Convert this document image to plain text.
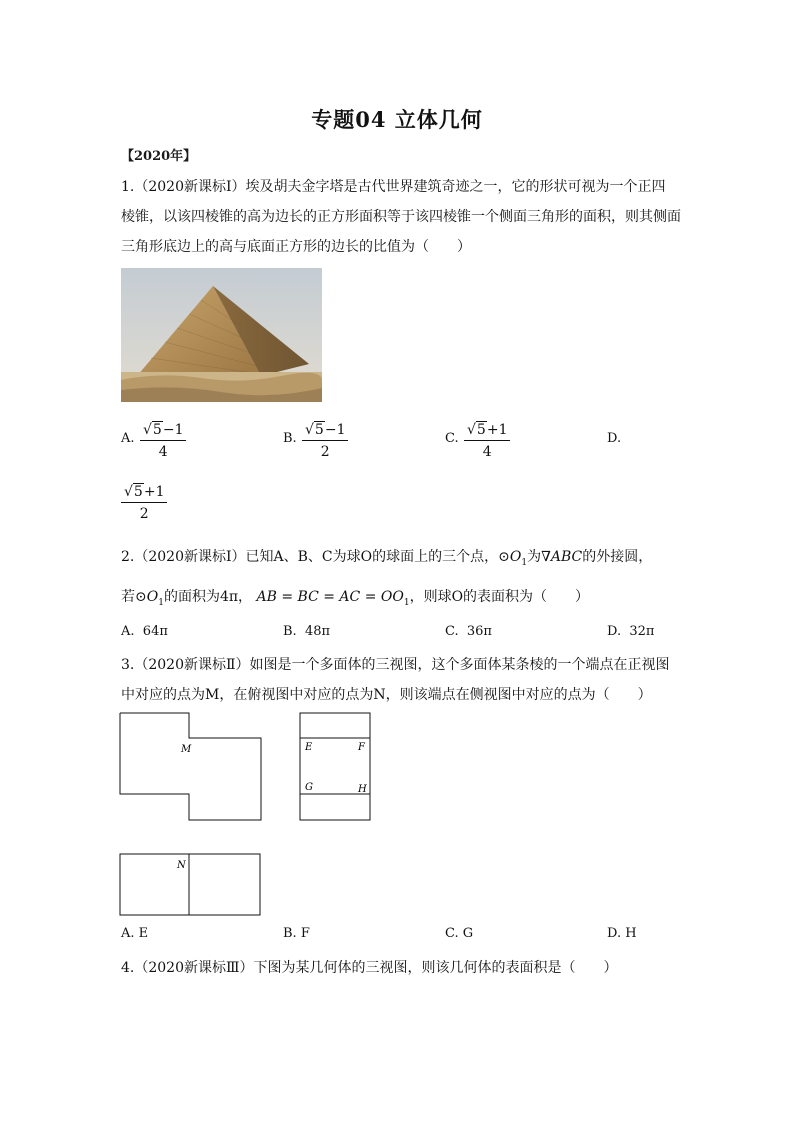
专题04 立体几何
【2020年】
1.（2020新课标Ⅰ）埃及胡夫金字塔是古代世界建筑奇迹之一，它的形状可视为一个正四
棱锥，以该四棱锥的高为边长的正方形面积等于该四棱锥一个侧面三角形的面积，则其侧面
三角形底边上的高与底面正方形的边长的比值为（　　）
A. $\frac{√5-1}{4}$	B. $\frac{√5-1}{2}$	C. $\frac{√5+1}{4}$	D.
$\frac{√5+1}{2}$
2.（2020新课标Ⅰ）已知A、B、C为球O的球面上的三个点，$⊙O_1$为∇ABC的外接圆，
若$⊙O_1$的面积为4π， AB = BC = AC = $OO_1$，则球O的表面积为（　　）
A. 64π	B. 48π	C. 36π	D. 32π
3.（2020新课标Ⅱ）如图是一个多面体的三视图，这个多面体某条棱的一个端点在正视图
中对应的点为M，在俯视图中对应的点为N，则该端点在侧视图中对应的点为（　　）
M	E	F
G	H
N
A. E	B. F	C. G	D. H
4.（2020新课标Ⅲ）下图为某几何体的三视图，则该几何体的表面积是（　　）
